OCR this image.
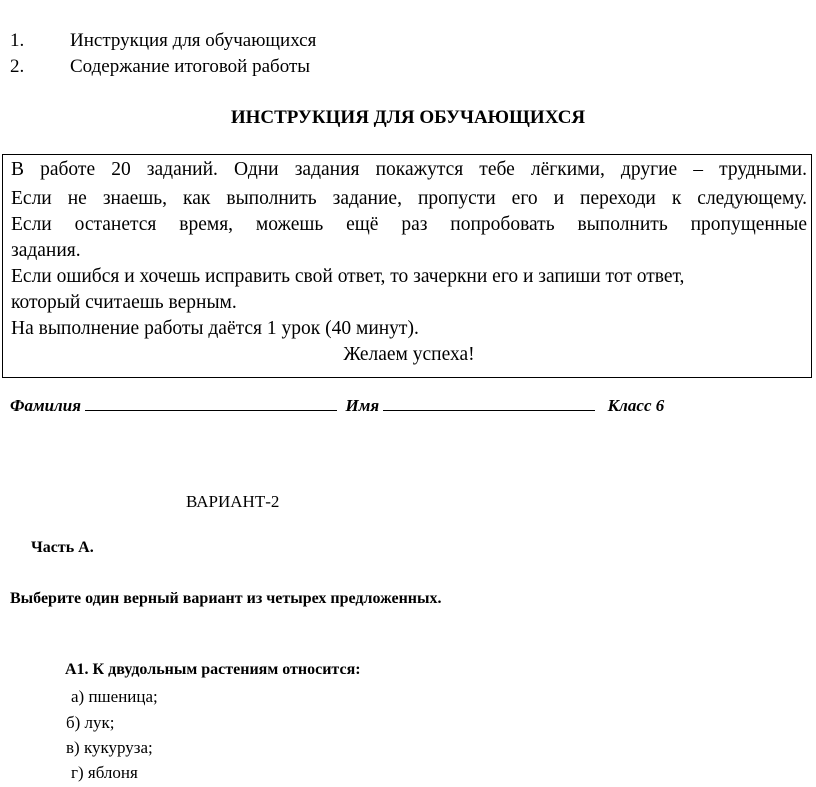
1. Инструкция для обучающихся
2. Содержание итоговой работы
ИНСТРУКЦИЯ ДЛЯ ОБУЧАЮЩИХСЯ

В работе 20 заданий. Одни задания покажутся тебе лёгкими, другие – трудными.

Если не знаешь, как выполнить задание, пропусти его и переходи к следующему.

Если останется время, можешь ещё раз попробовать выполнить пропущенные

задания.

Если ошибся и хочешь исправить свой ответ, то зачеркни его и запиши тот ответ,

который считаешь верным.

На выполнение работы даётся 1 урок (40 минут).

Желаем успеха!

Фамилия	Имя	Класс 6
ВАРИАНТ-2
Часть А.
Выберите один верный вариант из четырех предложенных.
А1. К двудольным растениям относится:
а) пшеница;
б) лук;
в) кукуруза;
г) яблоня
